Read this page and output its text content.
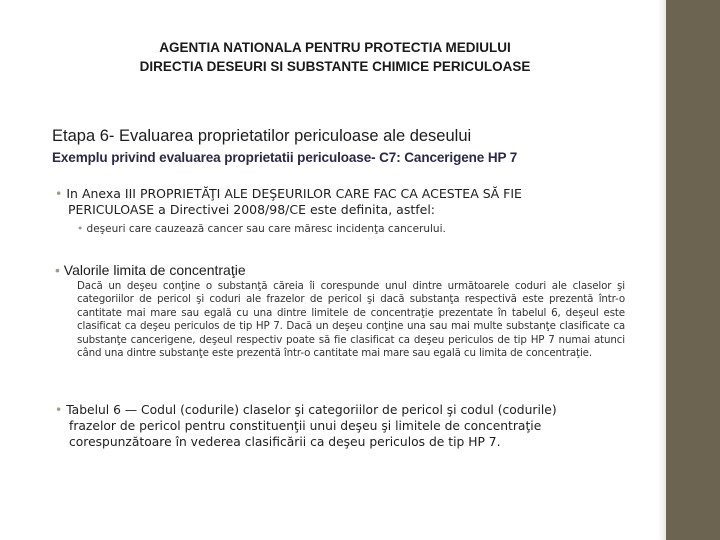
AGENTIA NATIONALA PENTRU PROTECTIA MEDIULUI
DIRECTIA DESEURI SI SUBSTANTE CHIMICE PERICULOASE
Etapa 6- Evaluarea proprietatilor periculoase ale deseului
Exemplu privind evaluarea proprietatii periculoase- C7: Cancerigene HP 7
• In Anexa III PROPRIETĂŢI ALE DEŞEURILOR CARE FAC CA ACESTEA SĂ FIE
PERICULOASE a Directivei 2008/98/CE este definita, astfel:
• deşeuri care cauzează cancer sau care măresc incidenţa cancerului.
• Valorile limita de concentraţie
Dacă un deşeu conţine o substanţă căreia îi corespunde unul dintre următoarele coduri ale claselor şi categoriilor de pericol şi coduri ale frazelor de pericol şi dacă substanţa respectivă este prezentă într-o cantitate mai mare sau egală cu una dintre limitele de concentraţie prezentate în tabelul 6, deşeul este clasificat ca deşeu periculos de tip HP 7. Dacă un deşeu conţine una sau mai multe substanţe clasificate ca substanţe cancerigene, deşeul respectiv poate să fie clasificat ca deşeu periculos de tip HP 7 numai atunci când una dintre substanţe este prezentă într-o cantitate mai mare sau egală cu limita de concentraţie.
• Tabelul 6 — Codul (codurile) claselor şi categoriilor de pericol şi codul (codurile)
frazelor de pericol pentru constituenţii unui deşeu şi limitele de concentraţie
corespunzătoare în vederea clasificării ca deşeu periculos de tip HP 7.
